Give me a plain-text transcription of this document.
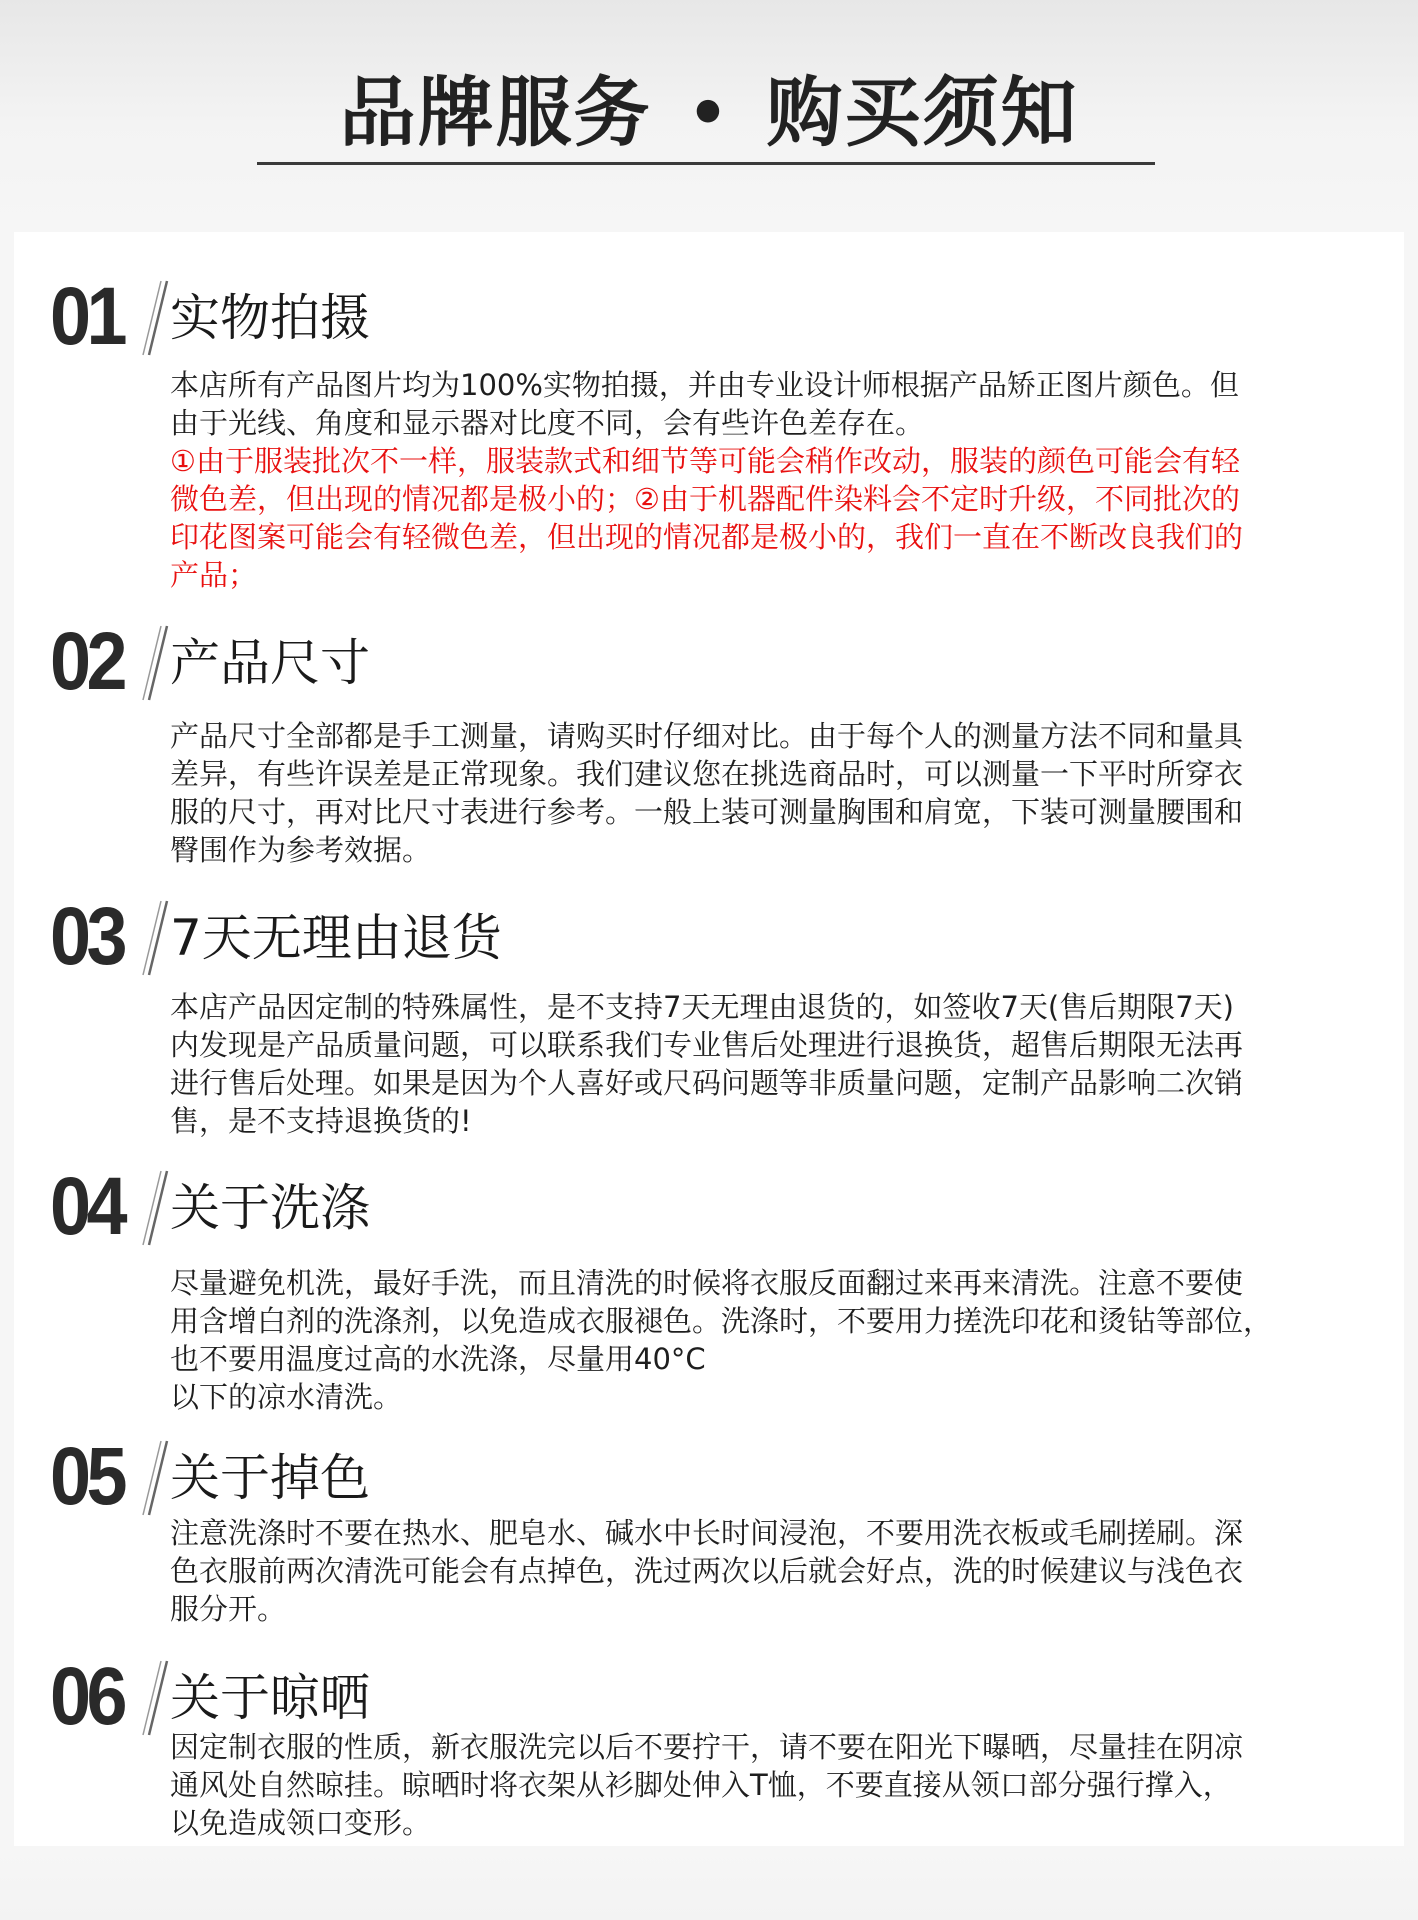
品牌服务 • 购买须知
01 实物拍摄
本店所有产品图片均为100%实物拍摄，并由专业设计师根据产品矫正图片颜色。但
由于光线、角度和显示器对比度不同，会有些许色差存在。
①由于服装批次不一样，服装款式和细节等可能会稍作改动，服装的颜色可能会有轻
微色差，但出现的情况都是极小的；②由于机器配件染料会不定时升级，不同批次的
印花图案可能会有轻微色差，但出现的情况都是极小的，我们一直在不断改良我们的
产品；
02 产品尺寸
产品尺寸全部都是手工测量，请购买时仔细对比。由于每个人的测量方法不同和量具
差异，有些许误差是正常现象。我们建议您在挑选商品时，可以测量一下平时所穿衣
服的尺寸，再对比尺寸表进行参考。一般上装可测量胸围和肩宽，下装可测量腰围和
臀围作为参考效据。
03 7天无理由退货
本店产品因定制的特殊属性，是不支持7天无理由退货的，如签收7天(售后期限7天)
内发现是产品质量问题，可以联系我们专业售后处理进行退换货，超售后期限无法再
进行售后处理。如果是因为个人喜好或尺码问题等非质量问题，定制产品影响二次销
售，是不支持退换货的!
04 关于洗涤
尽量避免机洗，最好手洗，而且清洗的时候将衣服反面翻过来再来清洗。注意不要使
用含增白剂的洗涤剂，以免造成衣服褪色。洗涤时，不要用力搓洗印花和烫钻等部位，
也不要用温度过高的水洗涤，尽量用40°C
以下的凉水清洗。
05 关于掉色
注意洗涤时不要在热水、肥皂水、碱水中长时间浸泡，不要用洗衣板或毛刷搓刷。深
色衣服前两次清洗可能会有点掉色，洗过两次以后就会好点，洗的时候建议与浅色衣
服分开。
06 关于晾晒
因定制衣服的性质，新衣服洗完以后不要拧干，请不要在阳光下曝晒，尽量挂在阴凉
通风处自然晾挂。晾晒时将衣架从衫脚处伸入T恤，不要直接从领口部分强行撑入，
以免造成领口变形。
